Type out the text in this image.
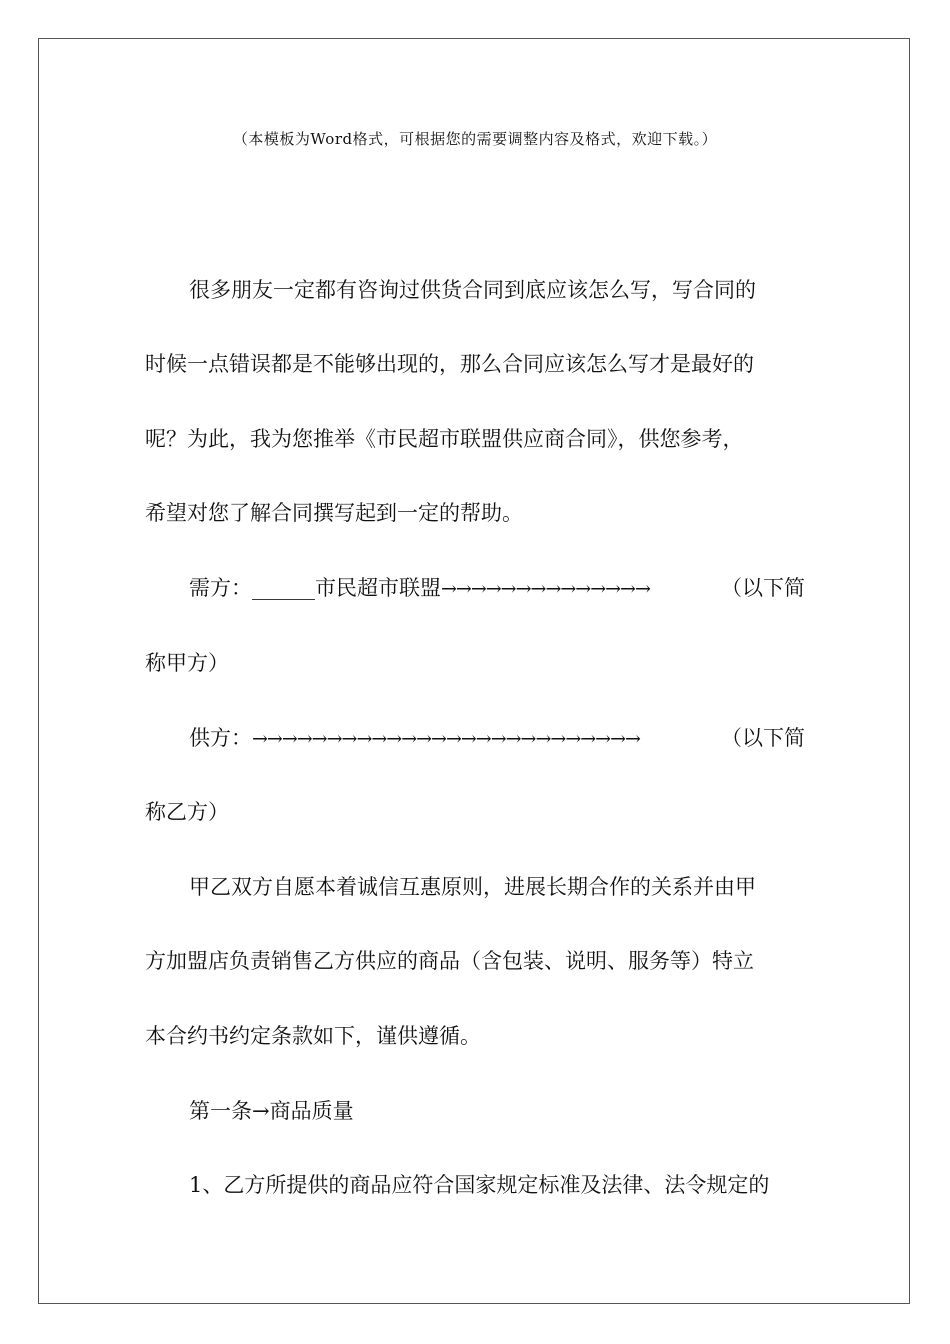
（本模板为Word格式，可根据您的需要调整内容及格式，欢迎下载。）
很多朋友一定都有咨询过供货合同到底应该怎么写，写合同的
时候一点错误都是不能够出现的，那么合同应该怎么写才是最好的
呢？为此，我为您推举《市民超市联盟供应商合同》，供您参考，
希望对您了解合同撰写起到一定的帮助。
需方：______市民超市联盟→→→→→→→→→→→→→→	（以下简
称甲方）
供方：→→→→→→→→→→→→→→→→→→→→→→→→→→	（以下简
称乙方）
甲乙双方自愿本着诚信互惠原则，进展长期合作的关系并由甲
方加盟店负责销售乙方供应的商品（含包装、说明、服务等）特立
本合约书约定条款如下，谨供遵循。
第一条→商品质量
1、乙方所提供的商品应符合国家规定标准及法律、法令规定的
